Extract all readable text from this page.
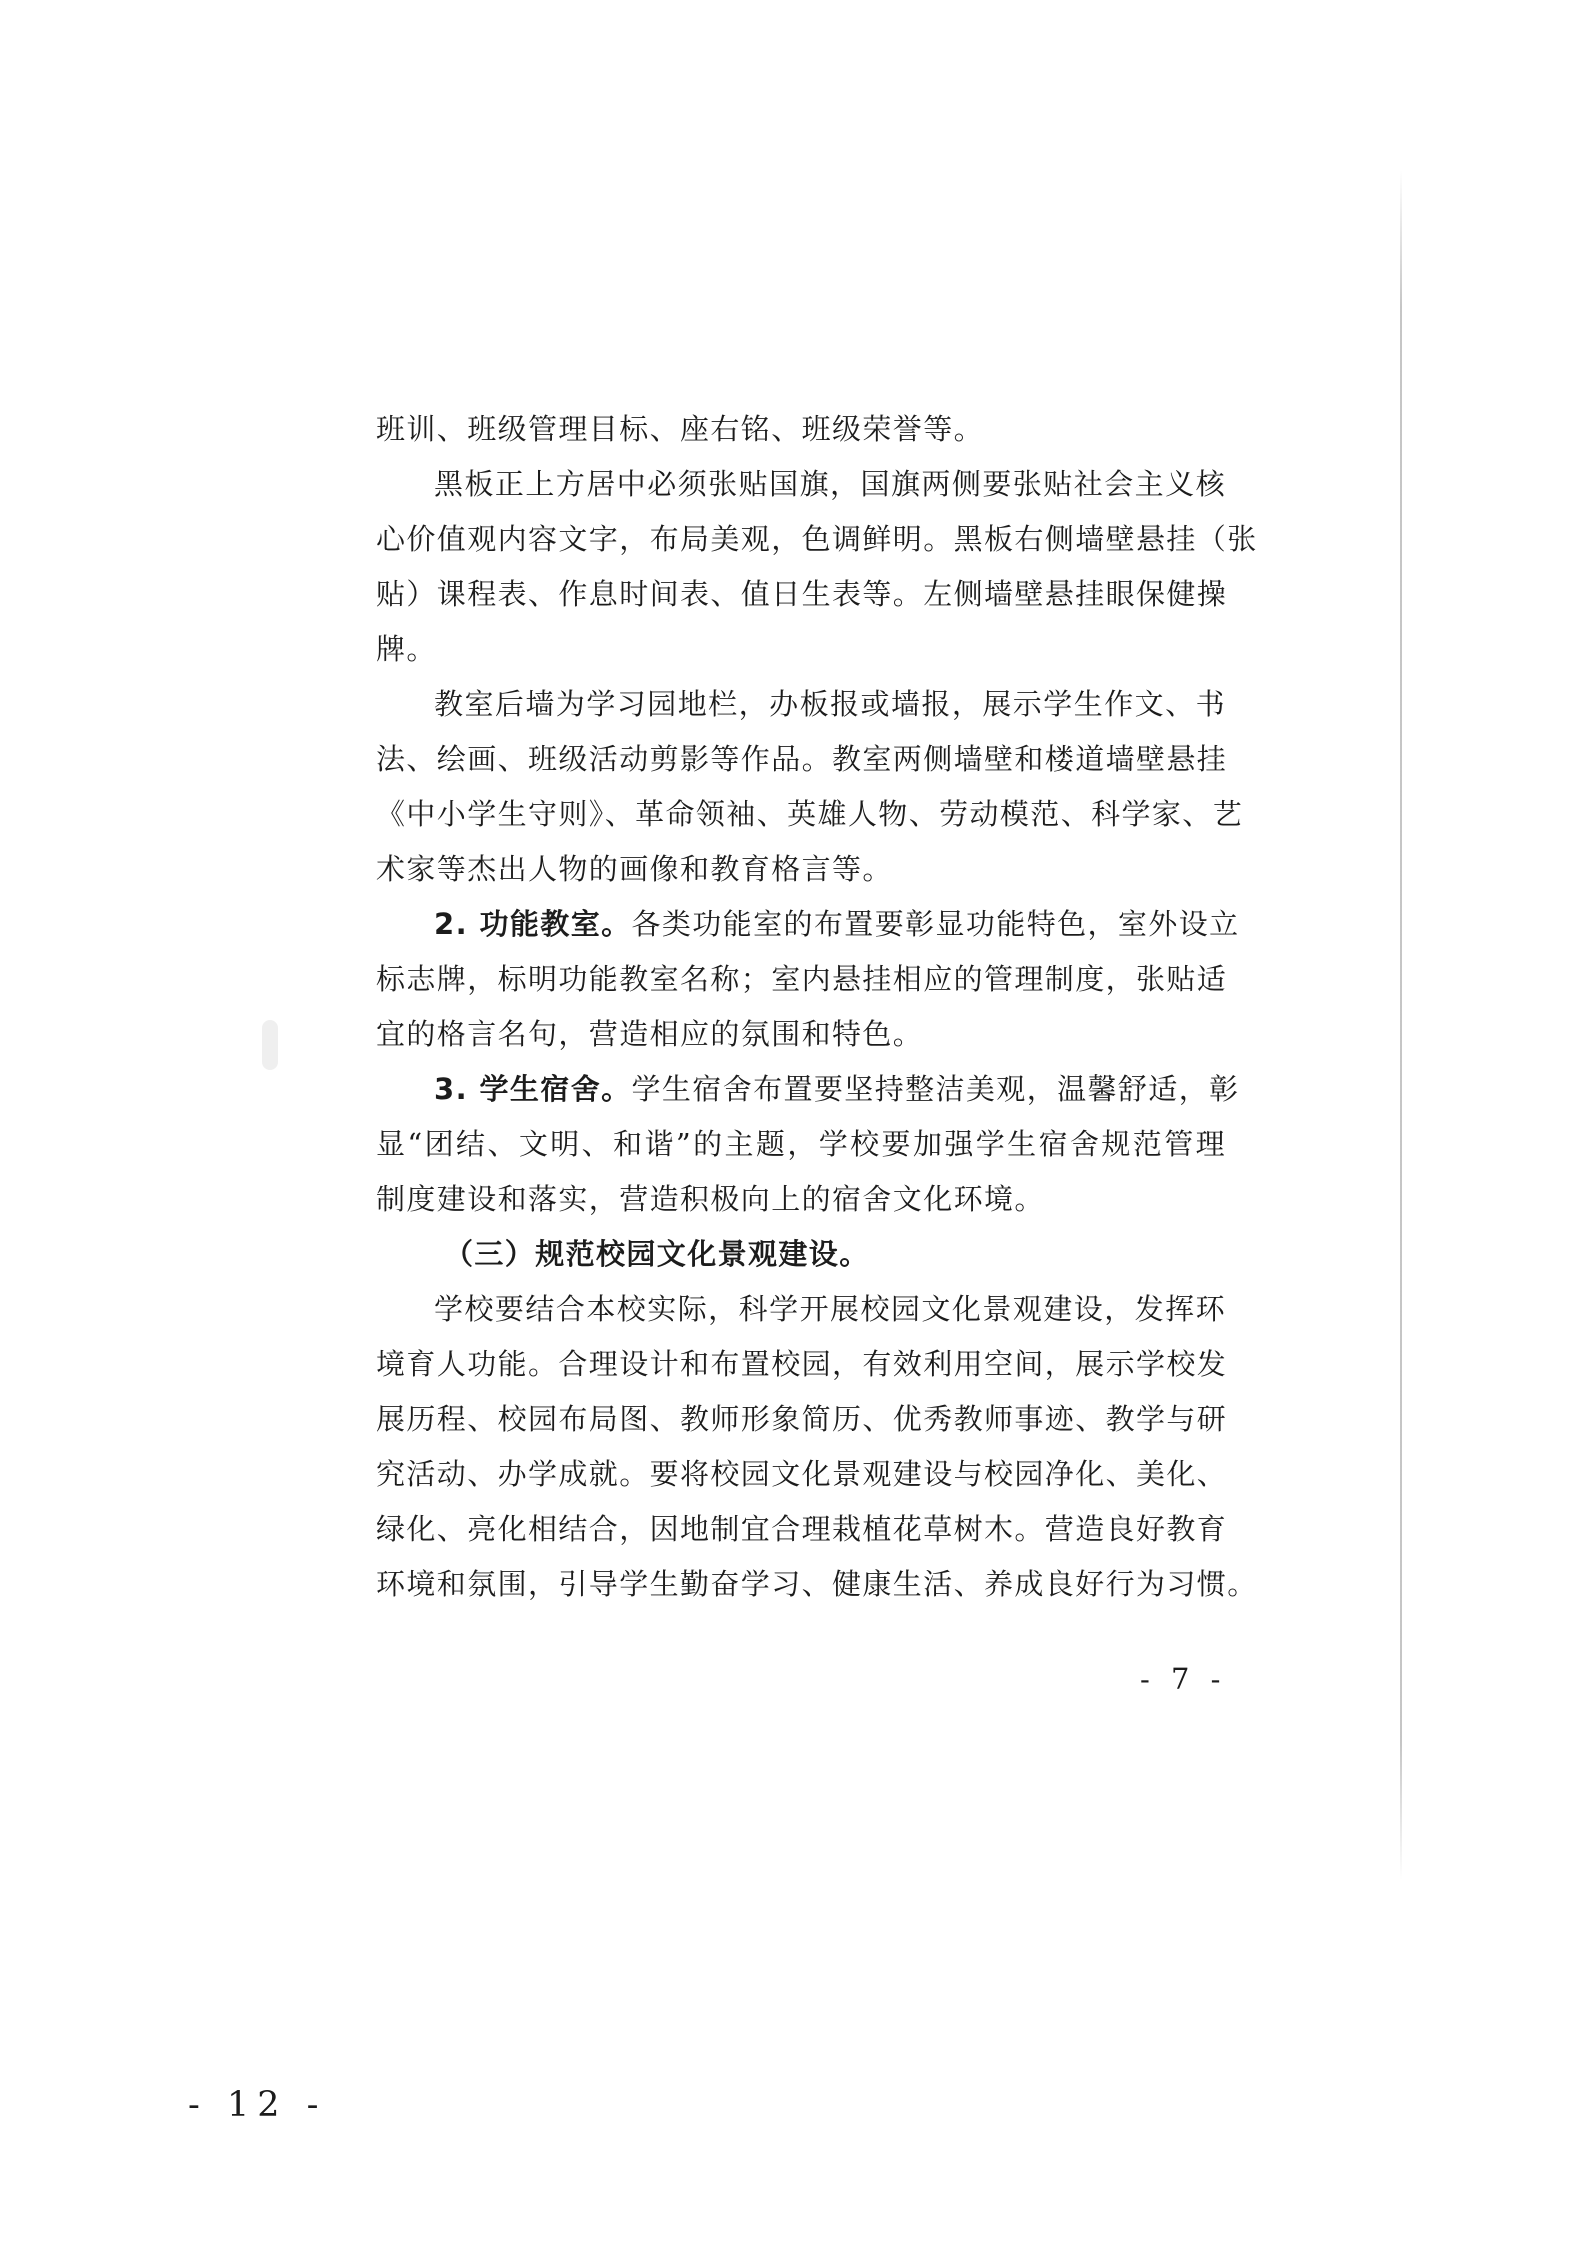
班训、班级管理目标、座右铭、班级荣誉等。
黑板正上方居中必须张贴国旗，国旗两侧要张贴社会主义核
心价值观内容文字，布局美观，色调鲜明。黑板右侧墙壁悬挂（张
贴）课程表、作息时间表、值日生表等。左侧墙壁悬挂眼保健操
牌。
教室后墙为学习园地栏，办板报或墙报，展示学生作文、书
法、绘画、班级活动剪影等作品。教室两侧墙壁和楼道墙壁悬挂
《中小学生守则》、革命领袖、英雄人物、劳动模范、科学家、艺
术家等杰出人物的画像和教育格言等。
2. 功能教室。各类功能室的布置要彰显功能特色，室外设立
标志牌，标明功能教室名称；室内悬挂相应的管理制度，张贴适
宜的格言名句，营造相应的氛围和特色。
3. 学生宿舍。学生宿舍布置要坚持整洁美观，温馨舒适，彰
显“团结、文明、和谐”的主题，学校要加强学生宿舍规范管理
制度建设和落实，营造积极向上的宿舍文化环境。
（三）规范校园文化景观建设。
学校要结合本校实际，科学开展校园文化景观建设，发挥环
境育人功能。合理设计和布置校园，有效利用空间，展示学校发
展历程、校园布局图、教师形象简历、优秀教师事迹、教学与研
究活动、办学成就。要将校园文化景观建设与校园净化、美化、
绿化、亮化相结合，因地制宜合理栽植花草树木。营造良好教育
环境和氛围，引导学生勤奋学习、健康生活、养成良好行为习惯。
- 7 -
- 12 -
